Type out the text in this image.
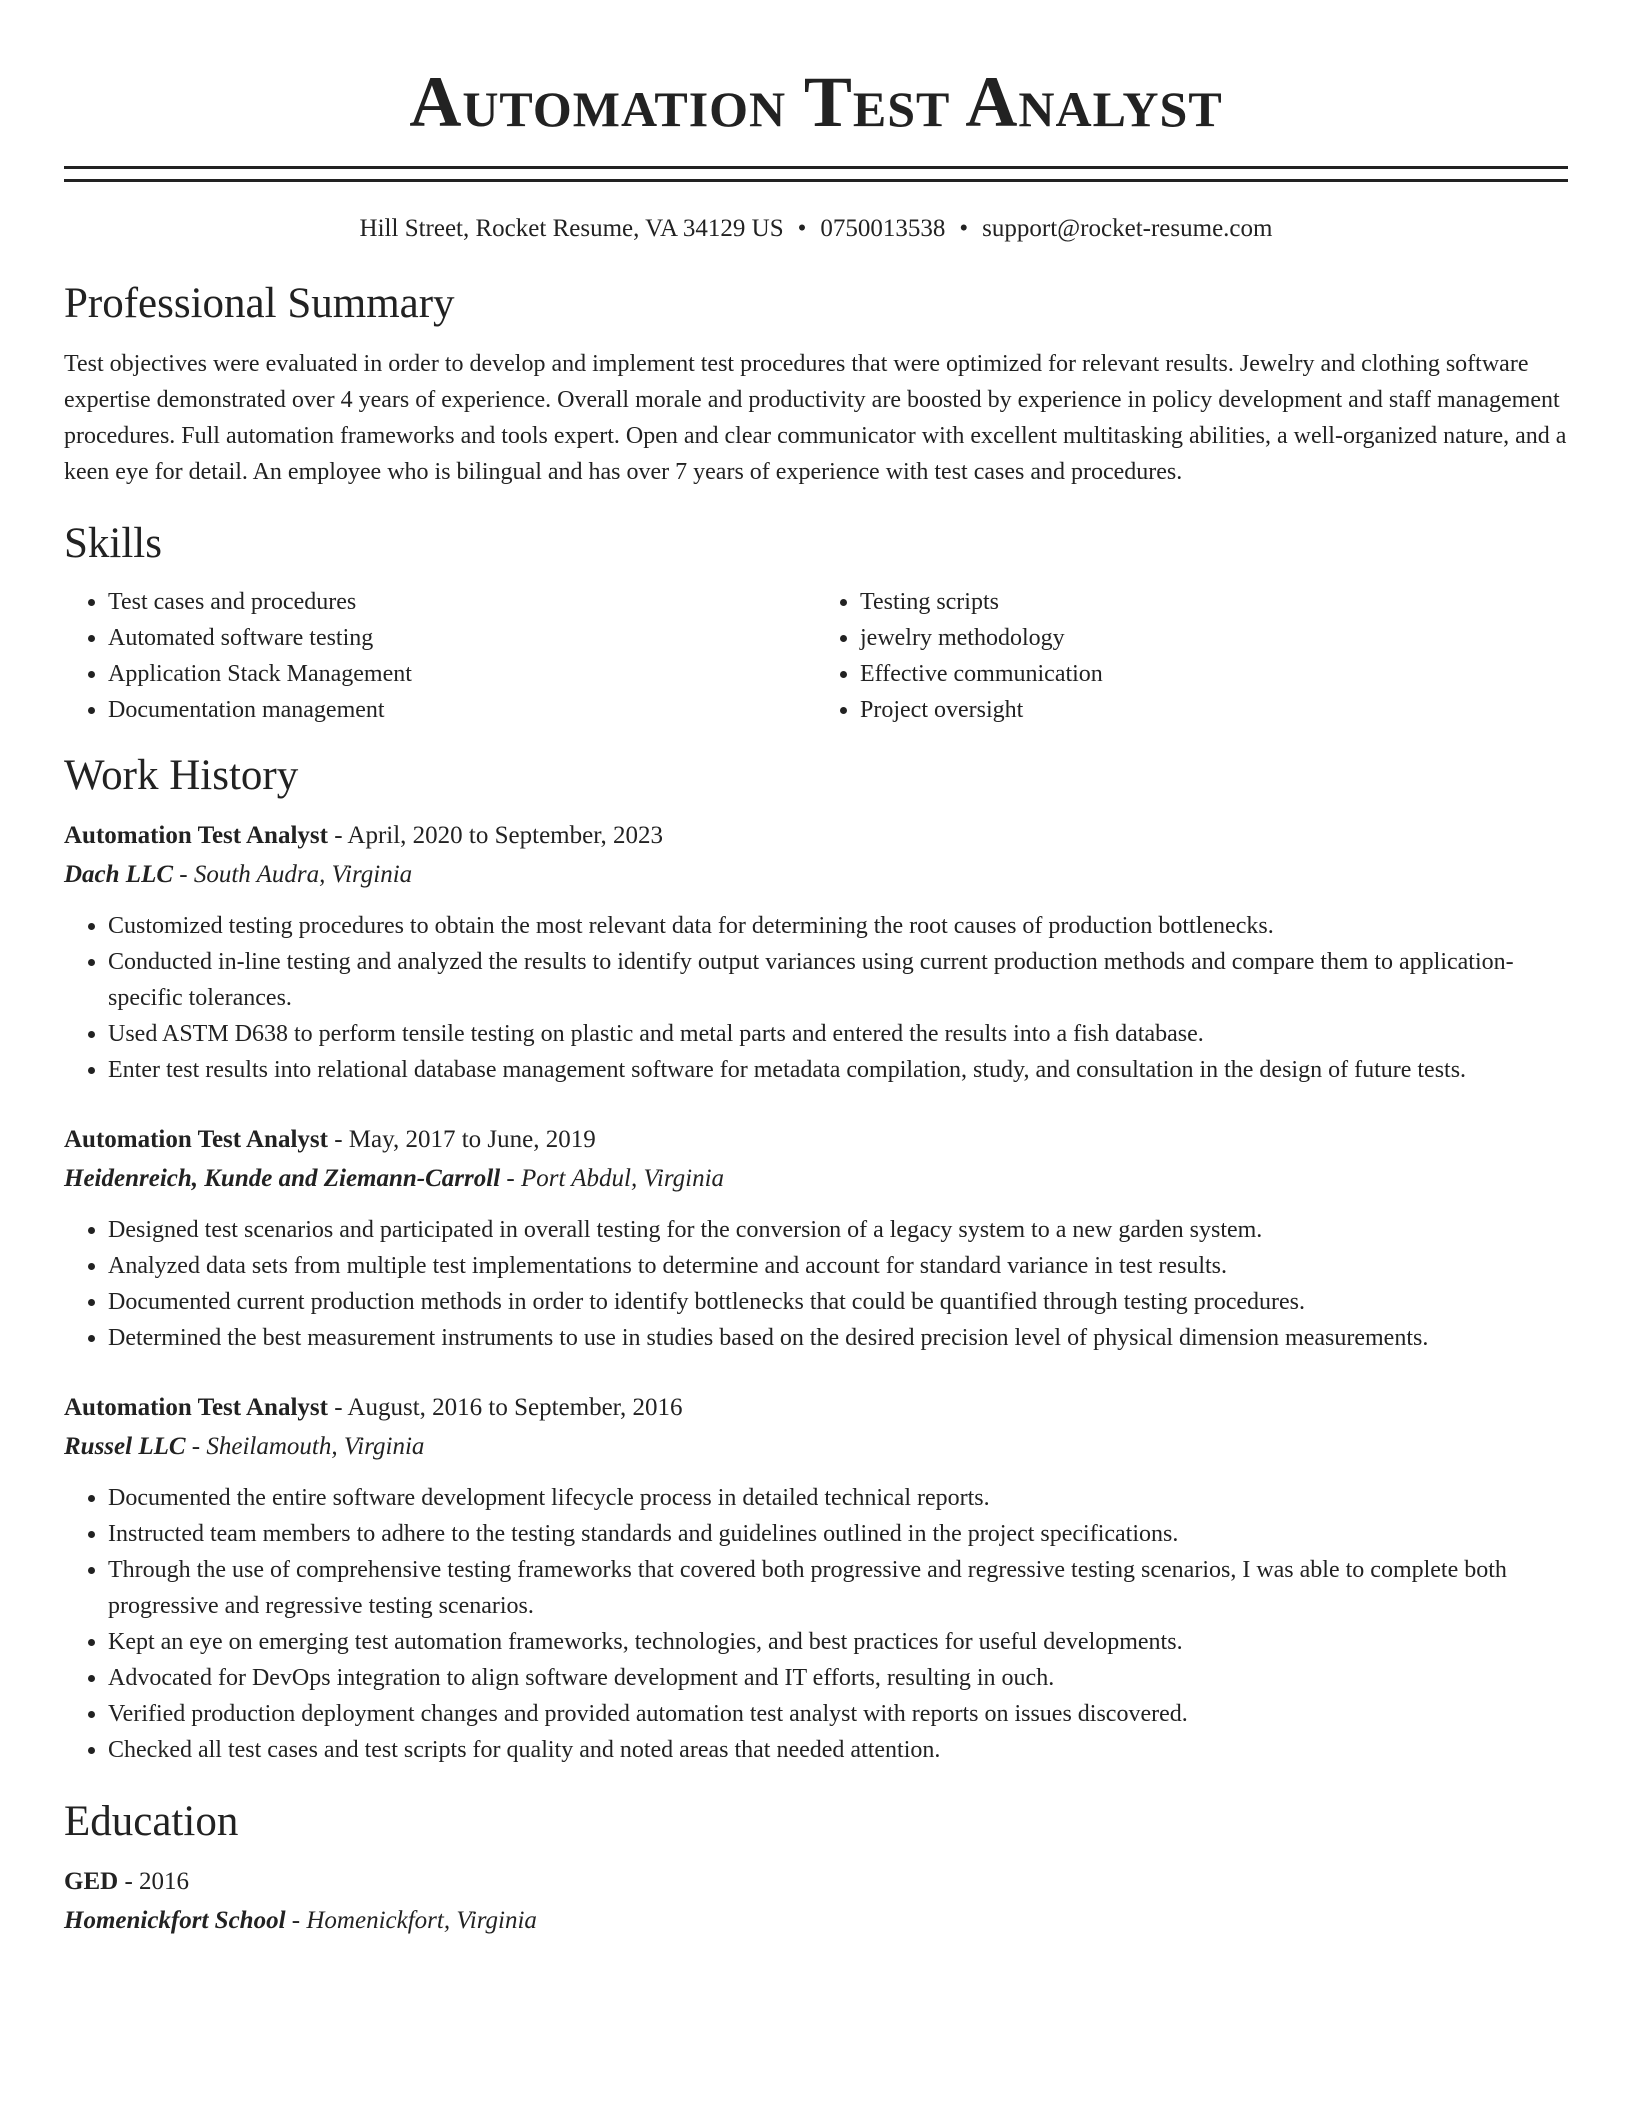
Automation Test Analyst
Hill Street, Rocket Resume, VA 34129 US • 0750013538 • support@rocket-resume.com
Professional Summary

Test objectives were evaluated in order to develop and implement test procedures that were optimized for relevant results. Jewelry and clothing software expertise demonstrated over 4 years of experience. Overall morale and productivity are boosted by experience in policy development and staff management procedures. Full automation frameworks and tools expert. Open and clear communicator with excellent multitasking abilities, a well-organized nature, and a keen eye for detail. An employee who is bilingual and has over 7 years of experience with test cases and procedures.

Skills
• Test cases and procedures
• Automated software testing
• Application Stack Management
• Documentation management
• Testing scripts
• jewelry methodology
• Effective communication
• Project oversight
Work History
Automation Test Analyst - April, 2020 to September, 2023
Dach LLC - South Audra, Virginia
• Customized testing procedures to obtain the most relevant data for determining the root causes of production bottlenecks.
• Conducted in-line testing and analyzed the results to identify output variances using current production methods and compare them to application-specific tolerances.
• Used ASTM D638 to perform tensile testing on plastic and metal parts and entered the results into a fish database.
• Enter test results into relational database management software for metadata compilation, study, and consultation in the design of future tests.
Automation Test Analyst - May, 2017 to June, 2019
Heidenreich, Kunde and Ziemann-Carroll - Port Abdul, Virginia
• Designed test scenarios and participated in overall testing for the conversion of a legacy system to a new garden system.
• Analyzed data sets from multiple test implementations to determine and account for standard variance in test results.
• Documented current production methods in order to identify bottlenecks that could be quantified through testing procedures.
• Determined the best measurement instruments to use in studies based on the desired precision level of physical dimension measurements.
Automation Test Analyst - August, 2016 to September, 2016
Russel LLC - Sheilamouth, Virginia
• Documented the entire software development lifecycle process in detailed technical reports.
• Instructed team members to adhere to the testing standards and guidelines outlined in the project specifications.
• Through the use of comprehensive testing frameworks that covered both progressive and regressive testing scenarios, I was able to complete both progressive and regressive testing scenarios.
• Kept an eye on emerging test automation frameworks, technologies, and best practices for useful developments.
• Advocated for DevOps integration to align software development and IT efforts, resulting in ouch.
• Verified production deployment changes and provided automation test analyst with reports on issues discovered.
• Checked all test cases and test scripts for quality and noted areas that needed attention.
Education
GED - 2016
Homenickfort School - Homenickfort, Virginia
